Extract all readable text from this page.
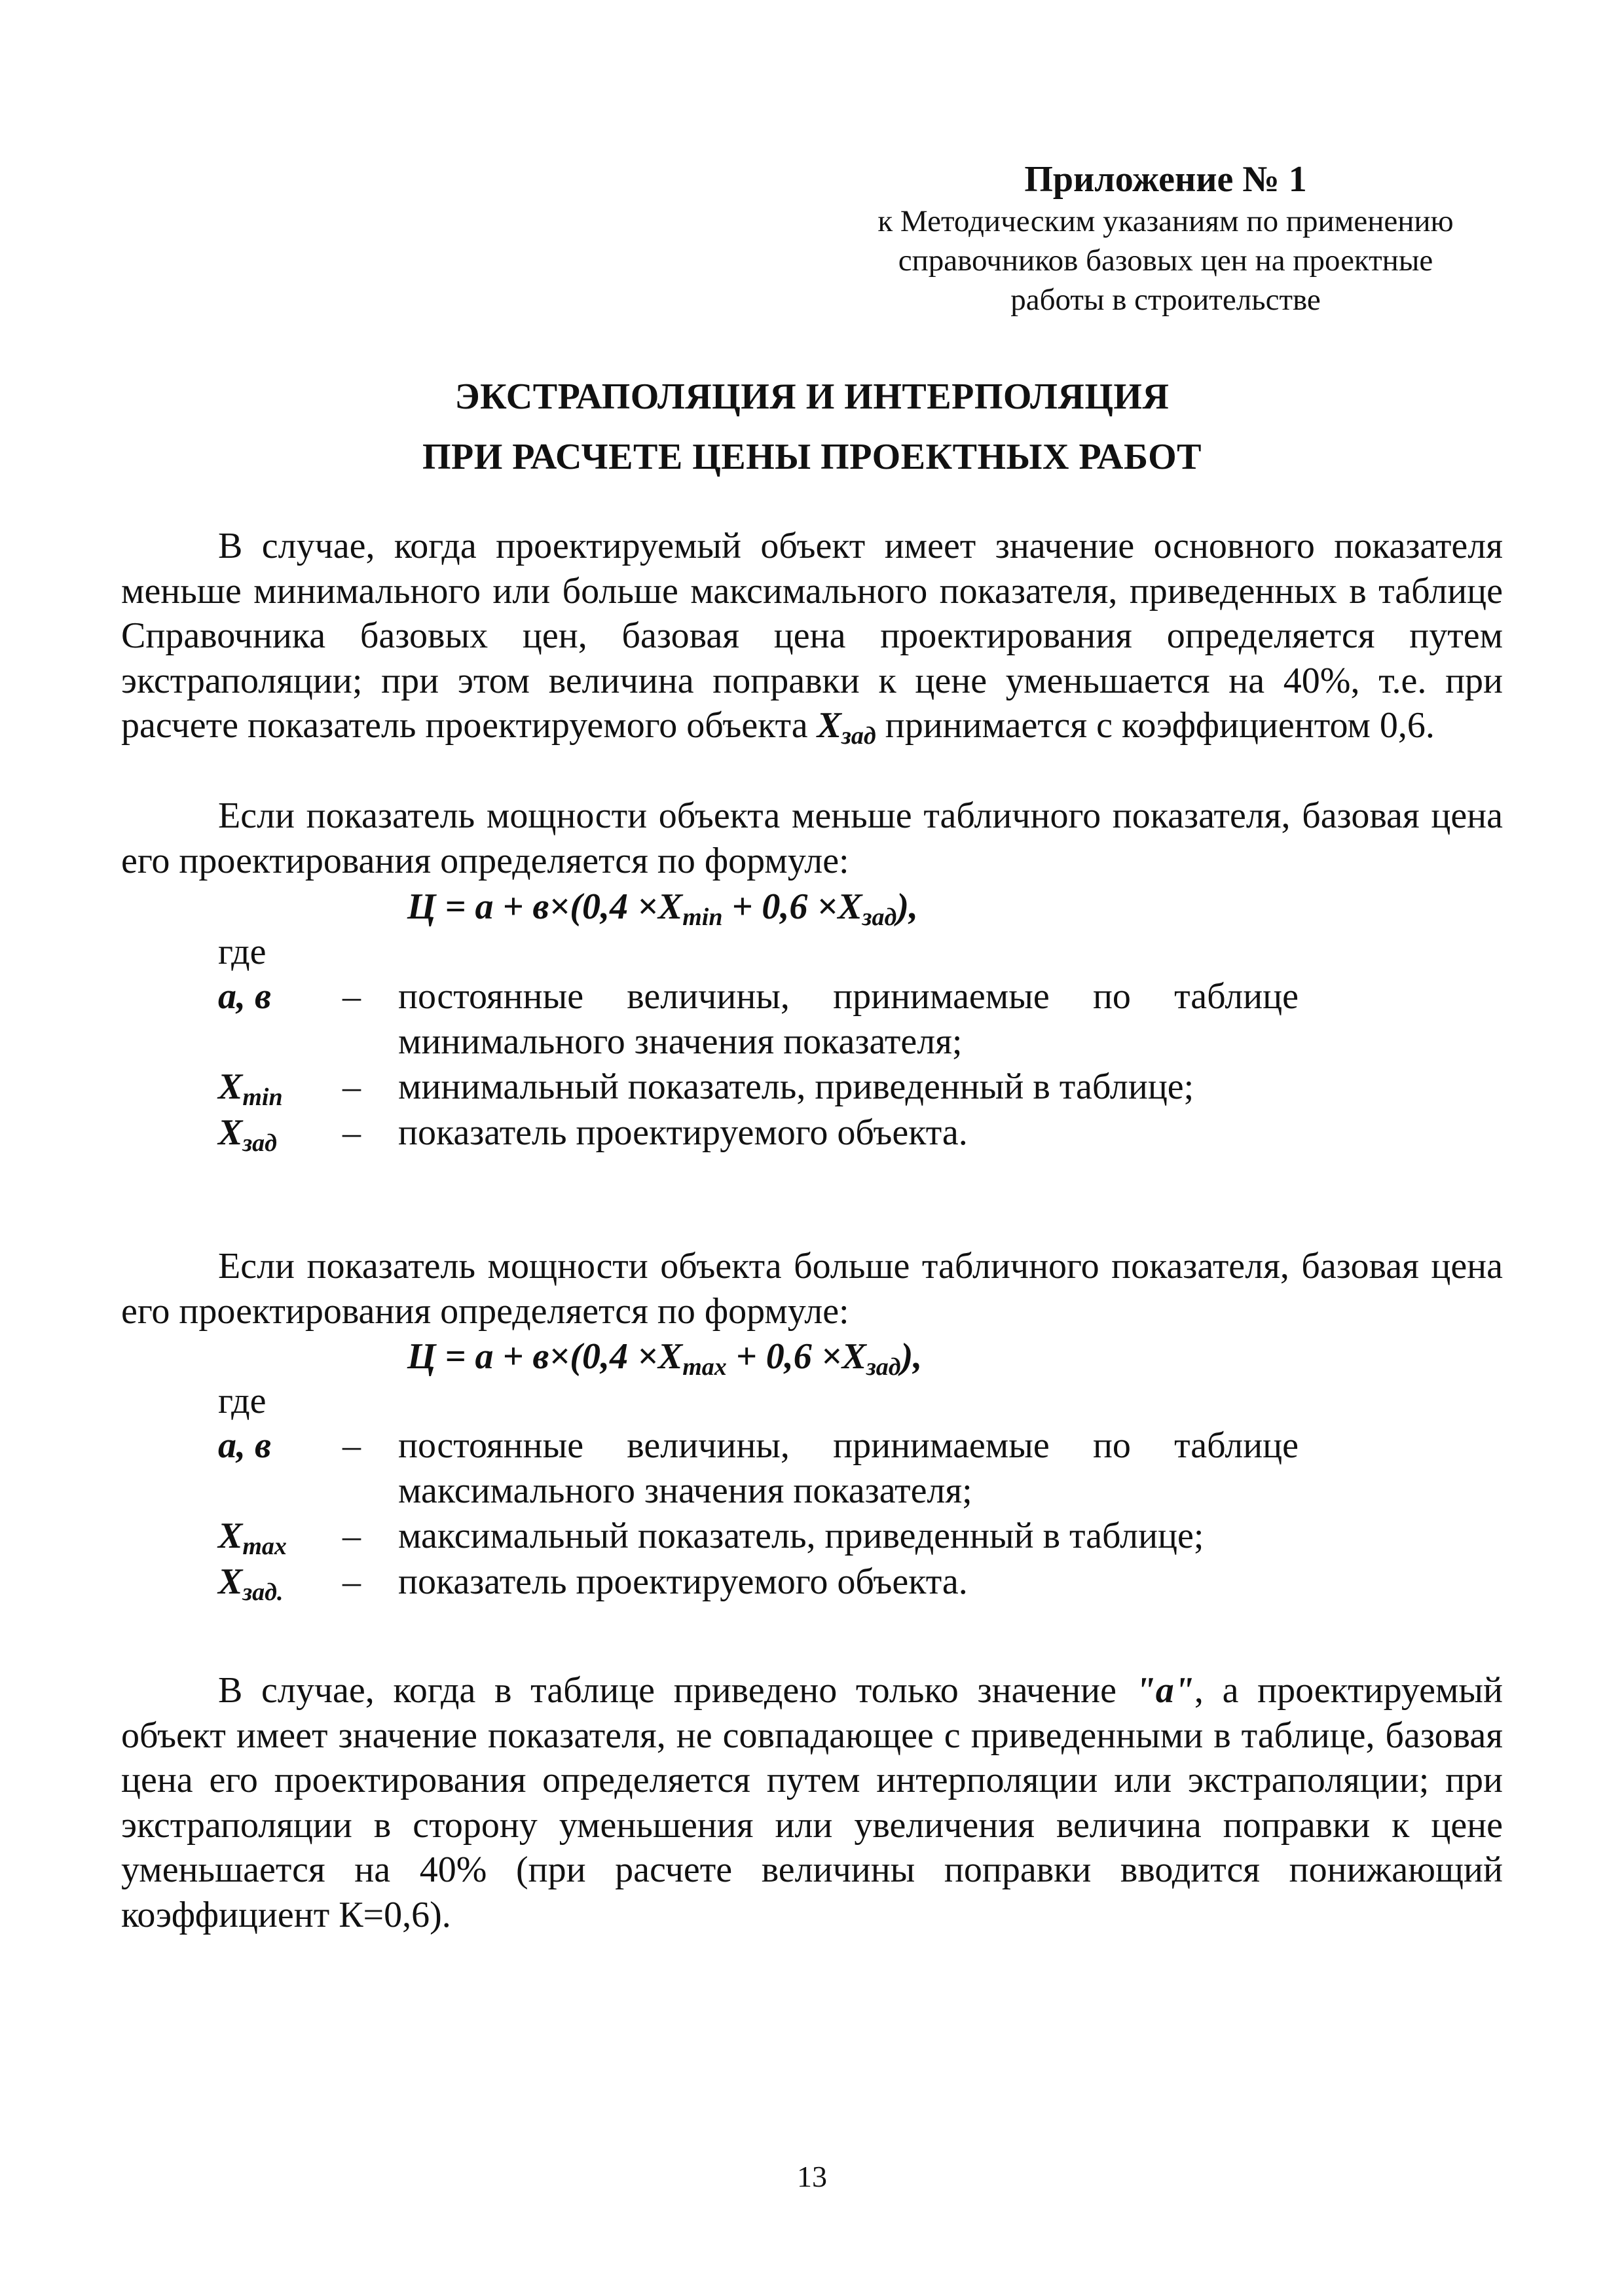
Приложение № 1
к Методическим указаниям по применению
справочников базовых цен на проектные
работы в строительстве
ЭКСТРАПОЛЯЦИЯ И ИНТЕРПОЛЯЦИЯ
ПРИ РАСЧЕТЕ ЦЕНЫ ПРОЕКТНЫХ РАБОТ

В случае, когда проектируемый объект имеет значение основного показателя меньше минимального или больше максимального показателя, приведенных в таблице Справочника базовых цен, базовая цена проектирования определяется путем экстраполяции; при этом величина поправки к цене уменьшается на 40%, т.е. при расчете показатель проектируемого объекта $X_{зад}$ принимается с коэффициентом 0,6.

Если показатель мощности объекта меньше табличного показателя, базовая цена его проектирования определяется по формуле:

$Ц = a + в\times(0,4 \times X_{min} + 0,6 \times X_{зад})$,
где
a, в	– постоянные величины, принимаемые по таблице
минимального значения показателя;
$X_{min}$	– минимальный показатель, приведенный в таблице;
$X_{зад}$	– показатель проектируемого объекта.

Если показатель мощности объекта больше табличного показателя, базовая цена его проектирования определяется по формуле:

$Ц = a + в\times(0,4 \times X_{max} + 0,6 \times X_{зад})$,
где
a, в	– постоянные величины, принимаемые по таблице
максимального значения показателя;
$X_{max}$	– максимальный показатель, приведенный в таблице;
$X_{зад.}$	– показатель проектируемого объекта.

В случае, когда в таблице приведено только значение "a", а проектируемый объект имеет значение показателя, не совпадающее с приведенными в таблице, базовая цена его проектирования определяется путем интерполяции или экстраполяции; при экстраполяции в сторону уменьшения или увеличения величина поправки к цене уменьшается на 40% (при расчете величины поправки вводится понижающий коэффициент К=0,6).

13
